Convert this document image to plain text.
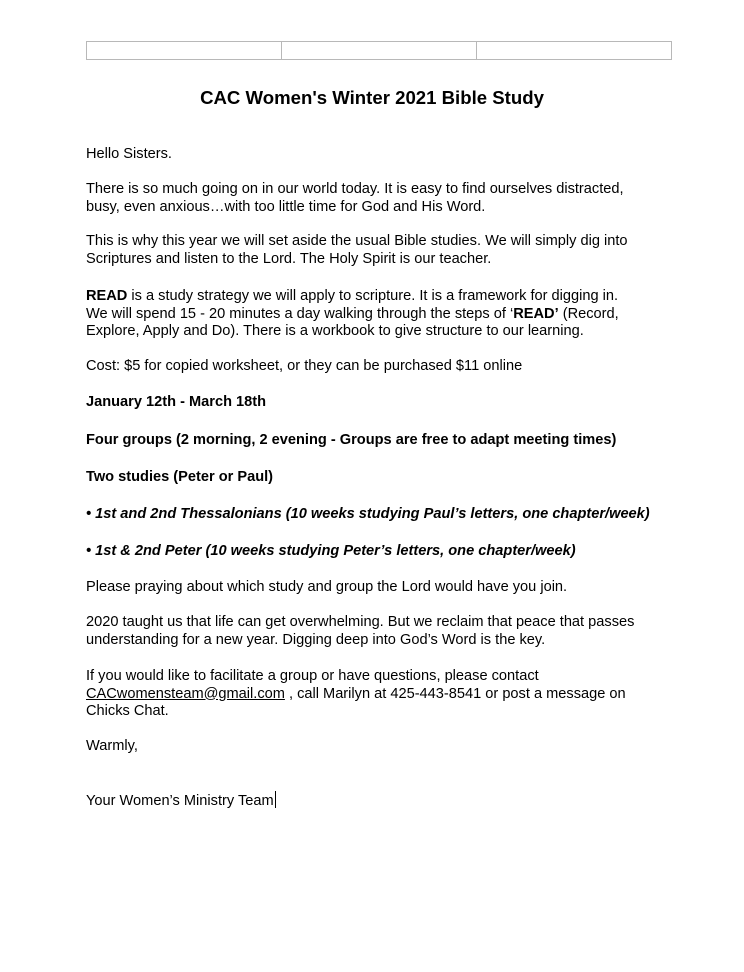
CAC Women's Winter 2021 Bible Study

Hello Sisters.

There is so much going on in our world today. It is easy to find ourselves distracted,
busy, even anxious…with too little time for God and His Word.
This is why this year we will set aside the usual Bible studies. We will simply dig into
Scriptures and listen to the Lord. The Holy Spirit is our teacher.
READ is a study strategy we will apply to scripture. It is a framework for digging in.
We will spend 15 - 20 minutes a day walking through the steps of ‘READ’ (Record,
Explore, Apply and Do). There is a workbook to give structure to our learning.

Cost: $5 for copied worksheet, or they can be purchased $11 online

January 12th - March 18th

Four groups (2 morning, 2 evening - Groups are free to adapt meeting times)

Two studies (Peter or Paul)

• 1st and 2nd Thessalonians (10 weeks studying Paul’s letters, one chapter/week)

• 1st & 2nd Peter (10 weeks studying Peter’s letters, one chapter/week)

Please praying about which study and group the Lord would have you join.

2020 taught us that life can get overwhelming. But we reclaim that peace that passes
understanding for a new year. Digging deep into God’s Word is the key.
If you would like to facilitate a group or have questions, please contact
CACwomensteam@gmail.com , call Marilyn at 425-443-8541 or post a message on
Chicks Chat.

Warmly,

Your Women’s Ministry Team
